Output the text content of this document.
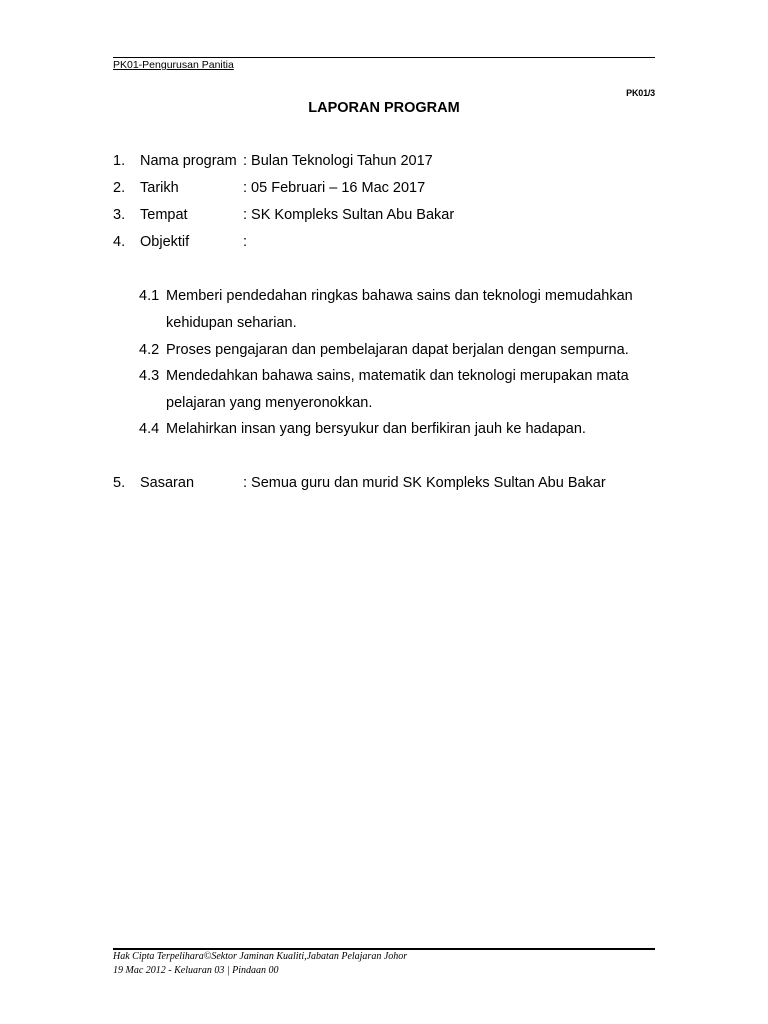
PK01-Pengurusan Panitia
PK01/3
LAPORAN PROGRAM
1. Nama program : Bulan Teknologi Tahun 2017
2. Tarikh	: 05 Februari – 16 Mac 2017
3. Tempat	: SK Kompleks Sultan Abu Bakar
4. Objektif	:
4.1 Memberi pendedahan ringkas bahawa sains dan teknologi memudahkan
kehidupan seharian.
4.2 Proses pengajaran dan pembelajaran dapat berjalan dengan sempurna.
4.3 Mendedahkan bahawa sains, matematik dan teknologi merupakan mata
pelajaran yang menyeronokkan.
4.4 Melahirkan insan yang bersyukur dan berfikiran jauh ke hadapan.
5. Sasaran	: Semua guru dan murid SK Kompleks Sultan Abu Bakar
Hak Cipta Terpelihara©Sektor Jaminan Kualiti,Jabatan Pelajaran Johor
19 Mac 2012 - Keluaran 03 | Pindaan 00
